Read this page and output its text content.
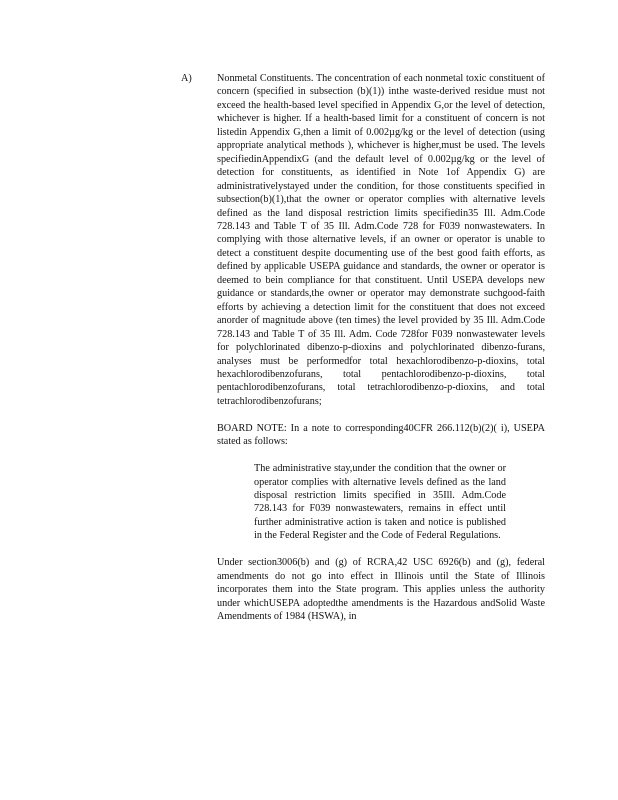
A) Nonmetal Constituents. The concentration of each nonmetal toxic constituent of concern (specified in subsection (b)(1)) inthe waste-derived residue must not exceed the health-based level specified in Appendix G,or the level of detection, whichever is higher. If a health-based limit for a constituent of concern is not listedin Appendix G,then a limit of 0.002µg/kg or the level of detection (using appropriate analytical methods ), whichever is higher,must be used. The levels specifiedinAppendixG (and the default level of 0.002µg/kg or the level of detection for constituents, as identified in Note 1of Appendix G) are administrativelystayed under the condition, for those constituents specified in subsection(b)(1),that the owner or operator complies with alternative levels defined as the land disposal restriction limits specifiedin35 Ill. Adm.Code 728.143 and Table T of 35 Ill. Adm.Code 728 for F039 nonwastewaters. In complying with those alternative levels, if an owner or operator is unable to detect a constituent despite documenting use of the best good faith efforts, as defined by applicable USEPA guidance and standards, the owner or operator is deemed to bein compliance for that constituent. Until USEPA develops new guidance or standards,the owner or operator may demonstrate suchgood-faith efforts by achieving a detection limit for the constituent that does not exceed anorder of magnitude above (ten times) the level provided by 35 Ill. Adm.Code 728.143 and Table T of 35 Ill. Adm. Code 728for F039 nonwastewater levels for polychlorinated dibenzo-p-dioxins and polychlorinated dibenzo-furans, analyses must be performedfor total hexachlorodibenzo-p-dioxins, total hexachlorodibenzofurans, total pentachlorodibenzo-p-dioxins, total pentachlorodibenzofurans, total tetrachlorodibenzo-p-dioxins, and total tetrachlorodibenzofurans;

BOARD NOTE: In a note to corresponding40CFR 266.112(b)(2)( i), USEPA stated as follows:

The administrative stay,under the condition that the owner or operator complies with alternative levels defined as the land disposal restriction limits specified in 35Ill. Adm.Code 728.143 for F039 nonwastewaters, remains in effect until further administrative action is taken and notice is published in the Federal Register and the Code of Federal Regulations.

Under section3006(b) and (g) of RCRA,42 USC 6926(b) and (g), federal amendments do not go into effect in Illinois until the State of Illinois incorporates them into the State program. This applies unless the authority under whichUSEPA adoptedthe amendments is the Hazardous andSolid Waste Amendments of 1984 (HSWA), in
